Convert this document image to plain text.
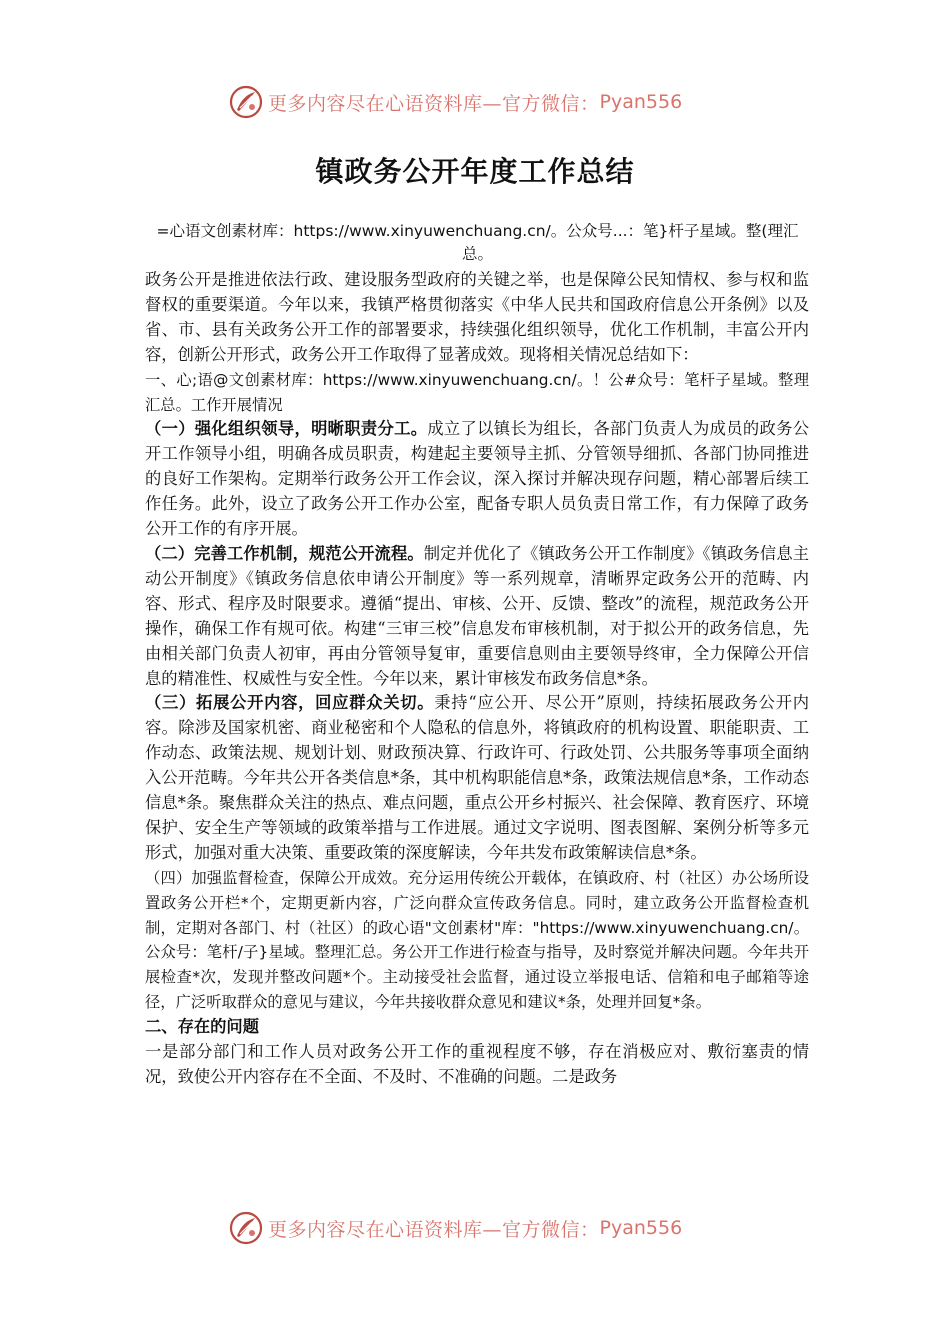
更多内容尽在心语资料库—官方微信： Pyan556
镇政务公开年度工作总结
=心语文创素材库：https://www.xinyuwenchuang.cn/。公众号...：笔}杆子星域。整(理汇总。

政务公开是推进依法行政、建设服务型政府的关键之举，也是保障公民知情权、参与权和监督权的重要渠道。今年以来，我镇严格贯彻落实《中华人民共和国政府信息公开条例》以及省、市、县有关政务公开工作的部署要求，持续强化组织领导，优化工作机制，丰富公开内容，创新公开形式，政务公开工作取得了显著成效。现将相关情况总结如下：

一、心;语@文创素材库：https://www.xinyuwenchuang.cn/。！公#众号：笔杆子星域。整理汇总。工作开展情况

（一）强化组织领导，明晰职责分工。成立了以镇长为组长，各部门负责人为成员的政务公开工作领导小组，明确各成员职责，构建起主要领导主抓、分管领导细抓、各部门协同推进的良好工作架构。定期举行政务公开工作会议，深入探讨并解决现存问题，精心部署后续工作任务。此外，设立了政务公开工作办公室，配备专职人员负责日常工作，有力保障了政务公开工作的有序开展。

（二）完善工作机制，规范公开流程。制定并优化了《镇政务公开工作制度》《镇政务信息主动公开制度》《镇政务信息依申请公开制度》等一系列规章，清晰界定政务公开的范畴、内容、形式、程序及时限要求。遵循“提出、审核、公开、反馈、整改”的流程，规范政务公开操作，确保工作有规可依。构建“三审三校”信息发布审核机制，对于拟公开的政务信息，先由相关部门负责人初审，再由分管领导复审，重要信息则由主要领导终审，全力保障公开信息的精准性、权威性与安全性。今年以来，累计审核发布政务信息*条。

（三）拓展公开内容，回应群众关切。秉持“应公开、尽公开”原则，持续拓展政务公开内容。除涉及国家机密、商业秘密和个人隐私的信息外，将镇政府的机构设置、职能职责、工作动态、政策法规、规划计划、财政预决算、行政许可、行政处罚、公共服务等事项全面纳入公开范畴。今年共公开各类信息*条，其中机构职能信息*条，政策法规信息*条，工作动态信息*条。聚焦群众关注的热点、难点问题，重点公开乡村振兴、社会保障、教育医疗、环境保护、安全生产等领域的政策举措与工作进展。通过文字说明、图表图解、案例分析等多元形式，加强对重大决策、重要政策的深度解读，今年共发布政策解读信息*条。

（四）加强监督检查，保障公开成效。充分运用传统公开载体，在镇政府、村（社区）办公场所设置政务公开栏*个，定期更新内容，广泛向群众宣传政务信息。同时，建立政务公开监督检查机制，定期对各部门、村（社区）的政心语"文创素材"库："https://www.xinyuwenchuang.cn/。公众号：笔杆/子}星域。整理汇总。务公开工作进行检查与指导，及时察觉并解决问题。今年共开展检查*次，发现并整改问题*个。主动接受社会监督，通过设立举报电话、信箱和电子邮箱等途径，广泛听取群众的意见与建议，今年共接收群众意见和建议*条，处理并回复*条。

二、存在的问题

一是部分部门和工作人员对政务公开工作的重视程度不够，存在消极应对、敷衍塞责的情况，致使公开内容存在不全面、不及时、不准确的问题。二是政务

更多内容尽在心语资料库—官方微信： Pyan556
